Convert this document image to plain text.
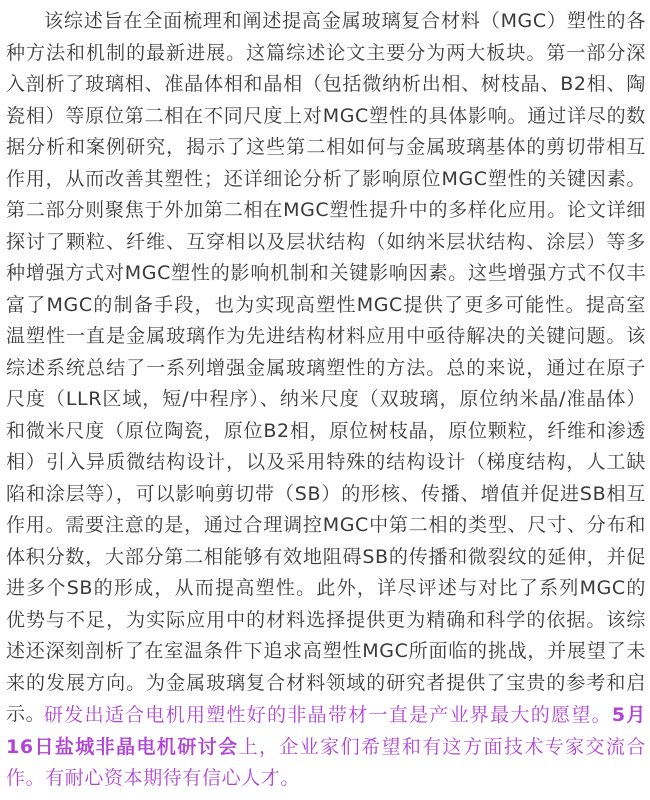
该综述旨在全面梳理和阐述提高金属玻璃复合材料（MGC）塑性的各种方法和机制的最新进展。这篇综述论文主要分为两大板块。第一部分深入剖析了玻璃相、准晶体相和晶相（包括微纳析出相、树枝晶、B2相、陶瓷相）等原位第二相在不同尺度上对MGC塑性的具体影响。通过详尽的数据分析和案例研究，揭示了这些第二相如何与金属玻璃基体的剪切带相互作用，从而改善其塑性；还详细论分析了影响原位MGC塑性的关键因素。第二部分则聚焦于外加第二相在MGC塑性提升中的多样化应用。论文详细探讨了颗粒、纤维、互穿相以及层状结构（如纳米层状结构、涂层）等多种增强方式对MGC塑性的影响机制和关键影响因素。这些增强方式不仅丰富了MGC的制备手段，也为实现高塑性MGC提供了更多可能性。提高室温塑性一直是金属玻璃作为先进结构材料应用中亟待解决的关键问题。该综述系统总结了一系列增强金属玻璃塑性的方法。总的来说，通过在原子尺度（LLR区域，短/中程序）、纳米尺度（双玻璃，原位纳米晶/准晶体）和微米尺度（原位陶瓷，原位B2相，原位树枝晶，原位颗粒，纤维和渗透相）引入异质微结构设计，以及采用特殊的结构设计（梯度结构，人工缺陷和涂层等），可以影响剪切带（SB）的形核、传播、增值并促进SB相互作用。需要注意的是，通过合理调控MGC中第二相的类型、尺寸、分布和体积分数，大部分第二相能够有效地阻碍SB的传播和微裂纹的延伸，并促进多个SB的形成，从而提高塑性。此外，详尽评述与对比了系列MGC的优势与不足，为实际应用中的材料选择提供更为精确和科学的依据。该综述还深刻剖析了在室温条件下追求高塑性MGC所面临的挑战，并展望了未来的发展方向。为金属玻璃复合材料领域的研究者提供了宝贵的参考和启示。

研发出适合电机用塑性好的非晶带材一直是产业界最大的愿望。5月16日盐城非晶电机研讨会上，企业家们希望和有这方面技术专家交流合作。有耐心资本期待有信心人才。
